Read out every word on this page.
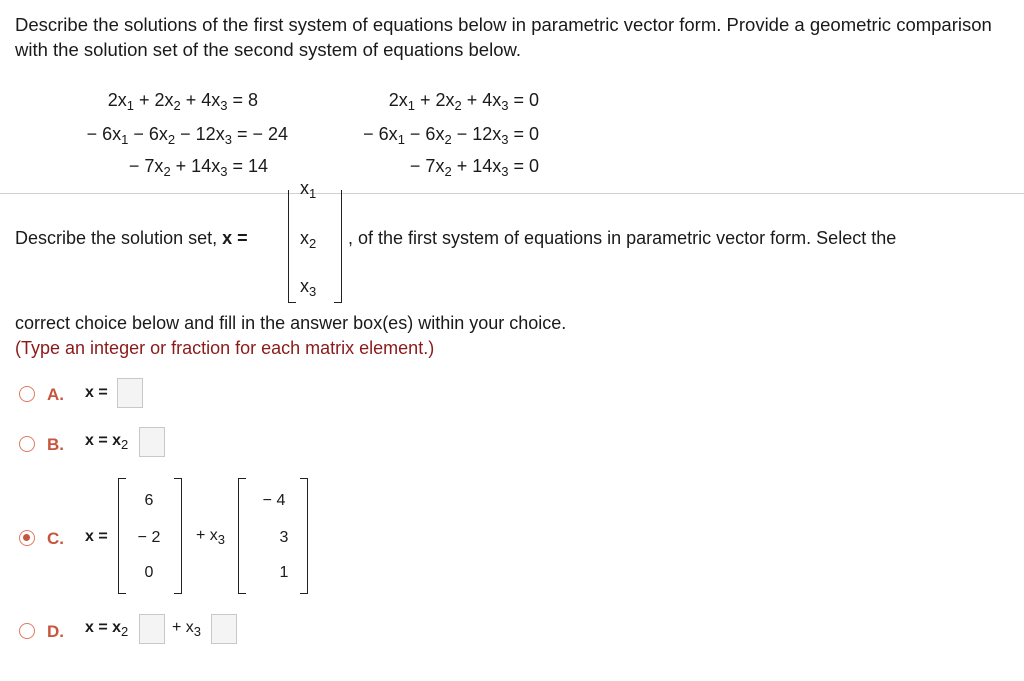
Describe the solutions of the first system of equations below in parametric vector form. Provide a geometric comparison with the solution set of the second system of equations below.
$2x_1 + 2x_2 + 4x_3 = 8$
− $6x_1 - 6x_2 - 12x_3$ = − 24
− $7x_2 + 14x_3 = 14$
$2x_1 + 2x_2 + 4x_3 = 0$
− $6x_1 - 6x_2 - 12x_3 = 0$
− $7x_2 + 14x_3 = 0$
Describe the solution set, x =
$x_1$
$x_2$
$x_3$
, of the first system of equations in parametric vector form. Select the
correct choice below and fill in the answer box(es) within your choice.
(Type an integer or fraction for each matrix element.)
A. x =
B. $x = x_2$
C. x =
6
− 2
0
+ $x_3$
− 4
3
1
D. $x = x_2$	+ $x_3$
